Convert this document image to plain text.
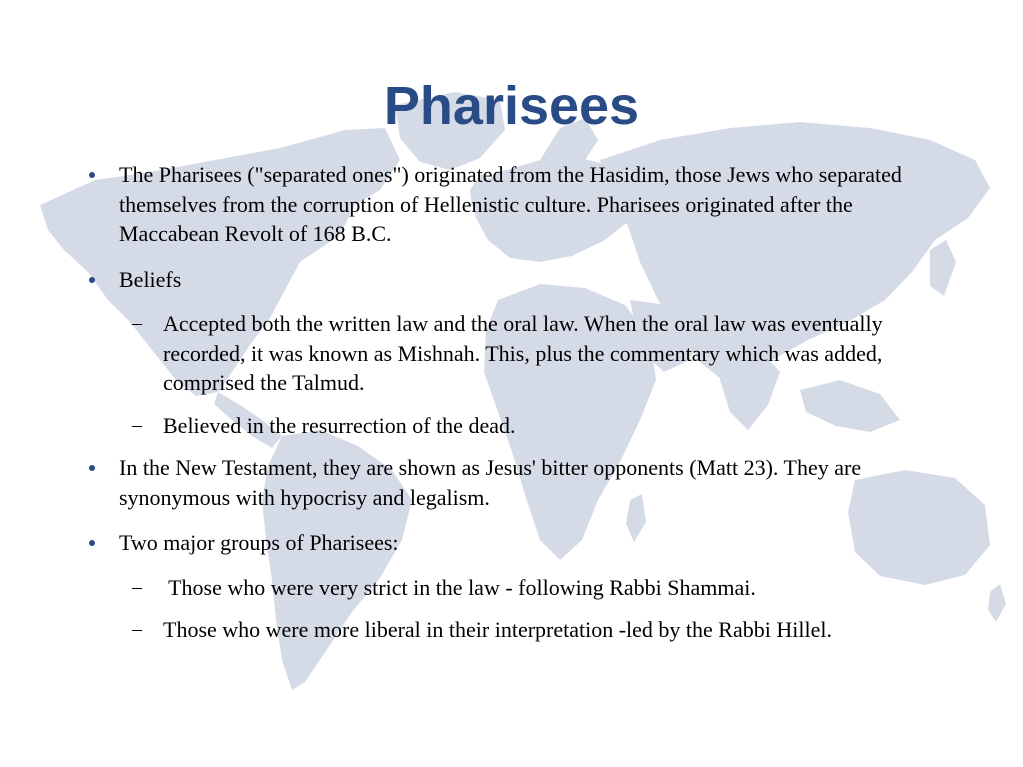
Pharisees
The Pharisees ("separated ones") originated from the Hasidim, those Jews who separated themselves from the corruption of Hellenistic culture. Pharisees originated after the Maccabean Revolt of 168 B.C.
Beliefs
– Accepted both the written law and the oral law. When the oral law was eventually recorded, it was known as Mishnah. This, plus the commentary which was added, comprised the Talmud.
– Believed in the resurrection of the dead.
In the New Testament, they are shown as Jesus' bitter opponents (Matt 23). They are synonymous with hypocrisy and legalism.
Two major groups of Pharisees:
– Those who were very strict in the law - following Rabbi Shammai.
– Those who were more liberal in their interpretation -led by the Rabbi Hillel.
